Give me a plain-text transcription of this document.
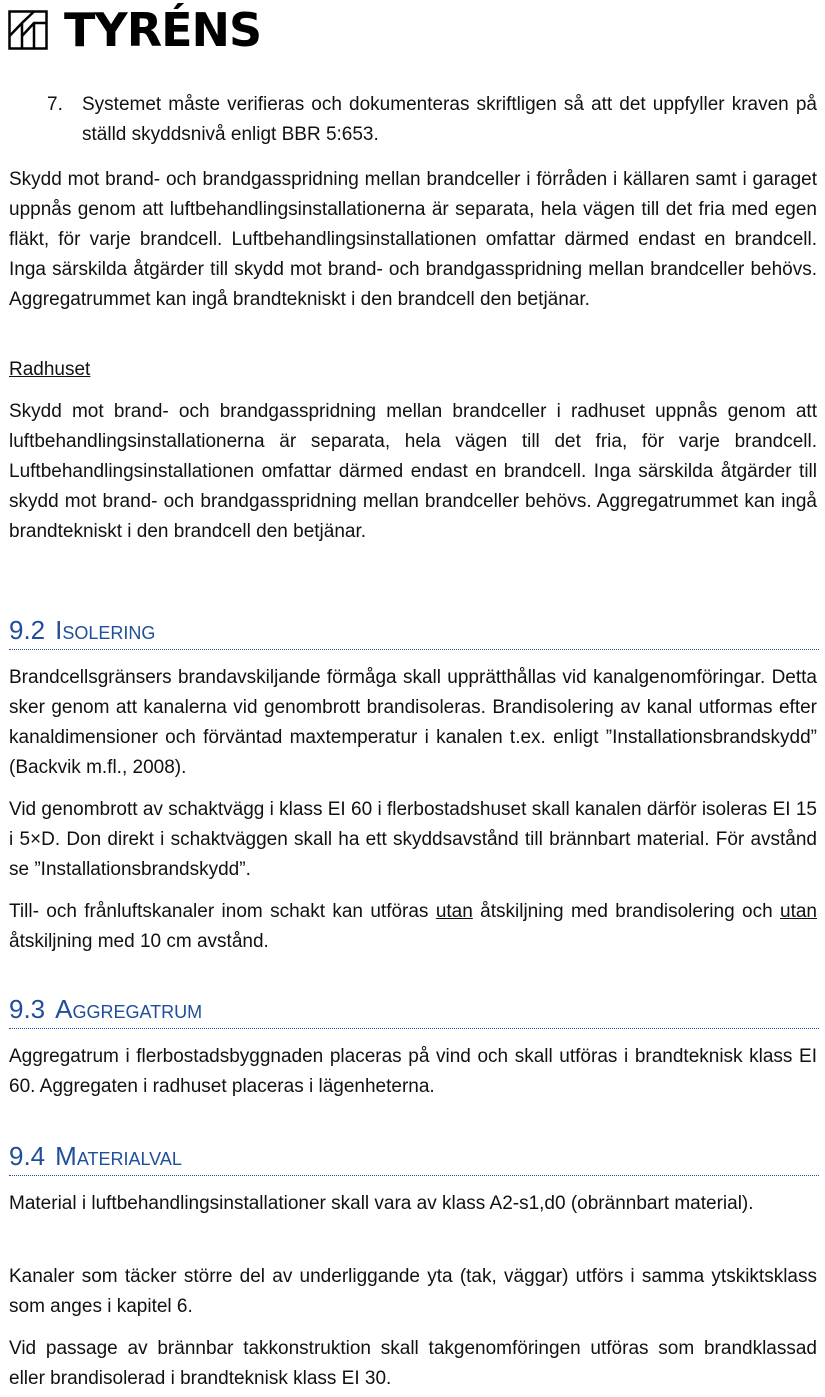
TYRÉNS
7. Systemet måste verifieras och dokumenteras skriftligen så att det uppfyller kraven på ställd skyddsnivå enligt BBR 5:653.

Skydd mot brand- och brandgasspridning mellan brandceller i förråden i källaren samt i garaget uppnås genom att luftbehandlingsinstallationerna är separata, hela vägen till det fria med egen fläkt, för varje brandcell. Luftbehandlingsinstallationen omfattar därmed endast en brandcell. Inga särskilda åtgärder till skydd mot brand- och brandgasspridning mellan brandceller behövs. Aggregatrummet kan ingå brandtekniskt i den brandcell den betjänar.

Radhuset

Skydd mot brand- och brandgasspridning mellan brandceller i radhuset uppnås genom att luftbehandlingsinstallationerna är separata, hela vägen till det fria, för varje brandcell. Luftbehandlingsinstallationen omfattar därmed endast en brandcell. Inga särskilda åtgärder till skydd mot brand- och brandgasspridning mellan brandceller behövs. Aggregatrummet kan ingå brandtekniskt i den brandcell den betjänar.

9.2 Isolering

Brandcellsgränsers brandavskiljande förmåga skall upprätthållas vid kanalgenomföringar. Detta sker genom att kanalerna vid genombrott brandisoleras. Brandisolering av kanal utformas efter kanaldimensioner och förväntad maxtemperatur i kanalen t.ex. enligt ”Installationsbrandskydd” (Backvik m.fl., 2008).

Vid genombrott av schaktvägg i klass EI 60 i flerbostadshuset skall kanalen därför isoleras EI 15 i 5×D. Don direkt i schaktväggen skall ha ett skyddsavstånd till brännbart material. För avstånd se ”Installationsbrandskydd”.

Till- och frånluftskanaler inom schakt kan utföras utan åtskiljning med brandisolering och utan åtskiljning med 10 cm avstånd.

9.3 Aggregatrum

Aggregatrum i flerbostadsbyggnaden placeras på vind och skall utföras i brandteknisk klass EI 60. Aggregaten i radhuset placeras i lägenheterna.

9.4 Materialval

Material i luftbehandlingsinstallationer skall vara av klass A2-s1,d0 (obrännbart material).

Kanaler som täcker större del av underliggande yta (tak, väggar) utförs i samma ytskiktsklass som anges i kapitel 6.

Vid passage av brännbar takkonstruktion skall takgenomföringen utföras som brandklassad eller brandisolerad i brandteknisk klass EI 30.
